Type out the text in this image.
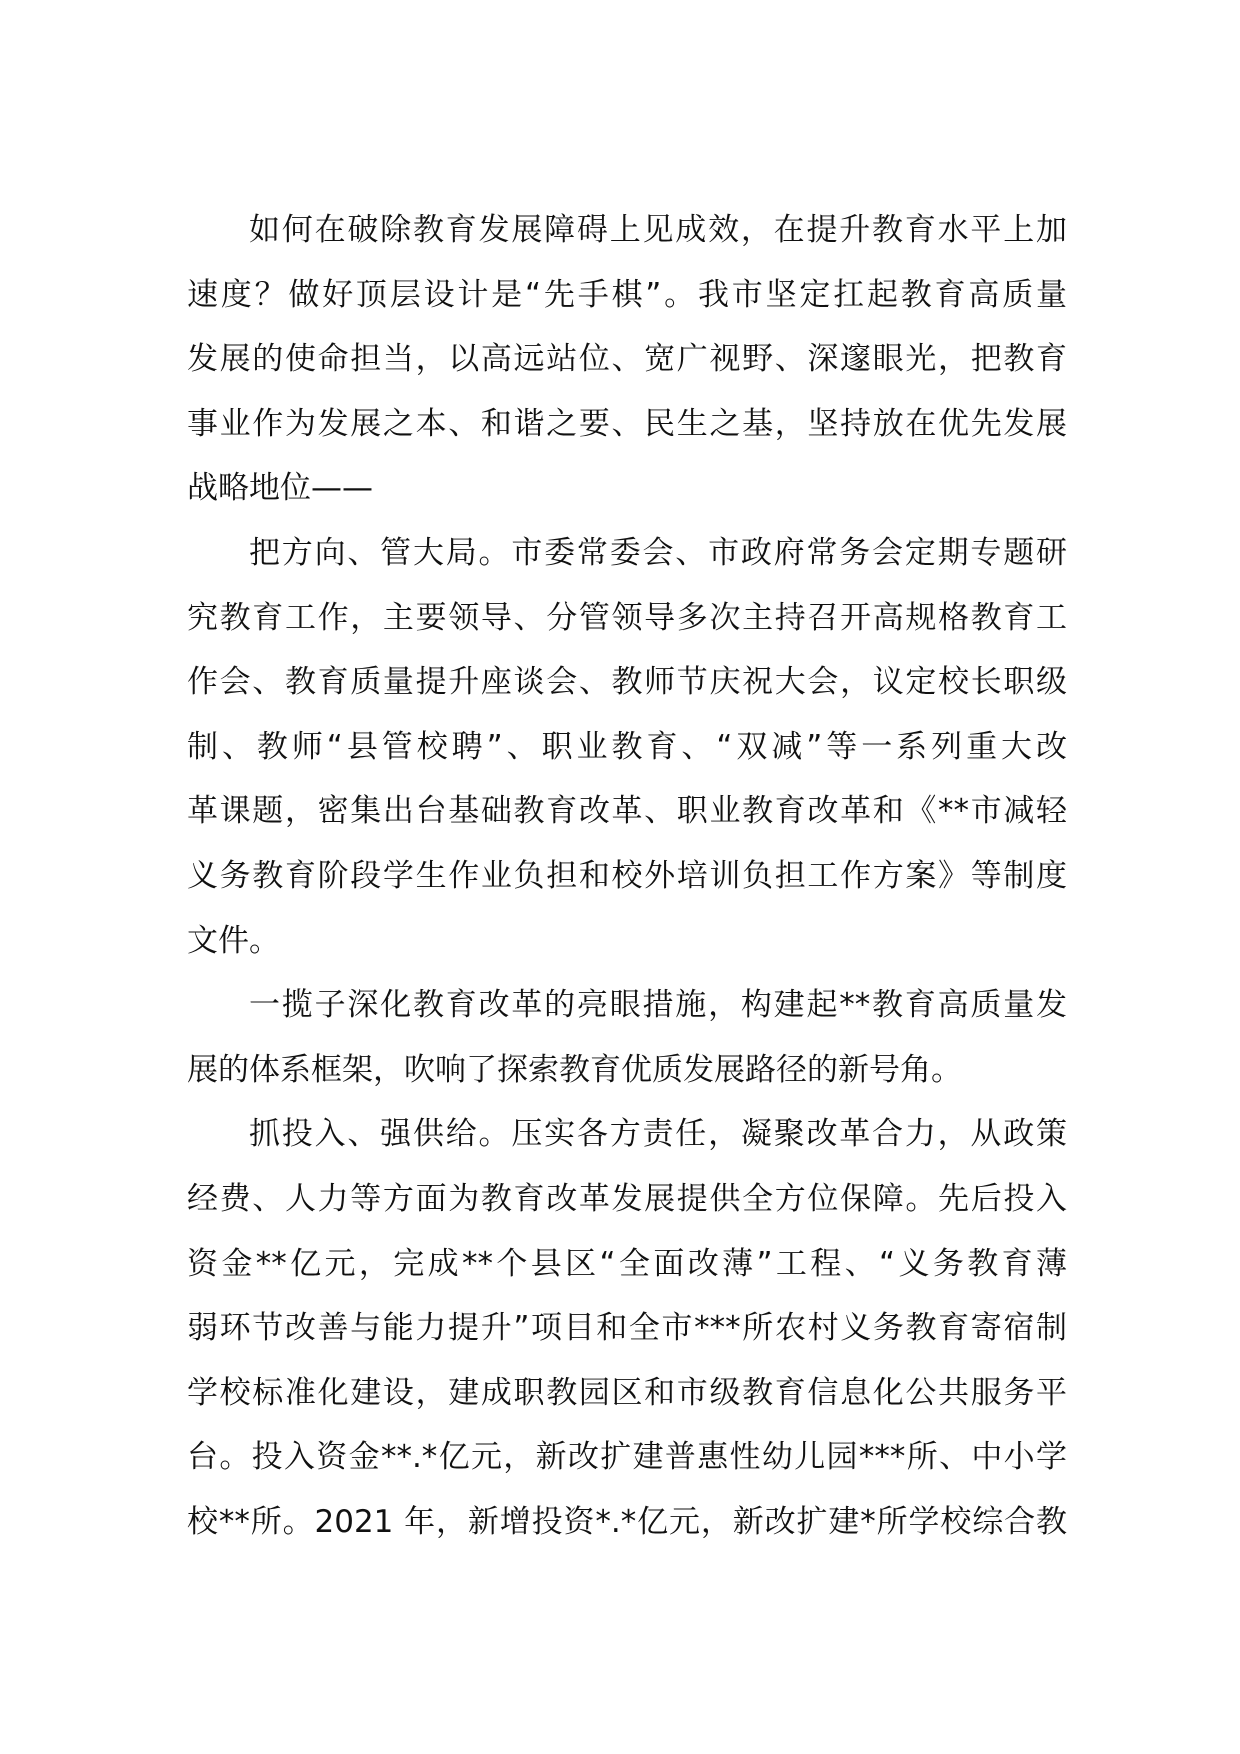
如何在破除教育发展障碍上见成效，在提升教育水平上加
速度？做好顶层设计是“先手棋”。我市坚定扛起教育高质量
发展的使命担当，以高远站位、宽广视野、深邃眼光，把教育
事业作为发展之本、和谐之要、民生之基，坚持放在优先发展
战略地位——
把方向、管大局。市委常委会、市政府常务会定期专题研
究教育工作，主要领导、分管领导多次主持召开高规格教育工
作会、教育质量提升座谈会、教师节庆祝大会，议定校长职级
制、教师“县管校聘”、职业教育、“双减”等一系列重大改
革课题，密集出台基础教育改革、职业教育改革和《**市减轻
义务教育阶段学生作业负担和校外培训负担工作方案》等制度
文件。
一揽子深化教育改革的亮眼措施，构建起**教育高质量发
展的体系框架，吹响了探索教育优质发展路径的新号角。
抓投入、强供给。压实各方责任，凝聚改革合力，从政策
经费、人力等方面为教育改革发展提供全方位保障。先后投入
资金**亿元，完成**个县区“全面改薄”工程、“义务教育薄
弱环节改善与能力提升”项目和全市***所农村义务教育寄宿制
学校标准化建设，建成职教园区和市级教育信息化公共服务平
台。投入资金**.*亿元，新改扩建普惠性幼儿园***所、中小学
校**所。2021 年，新增投资*.*亿元，新改扩建*所学校综合教
